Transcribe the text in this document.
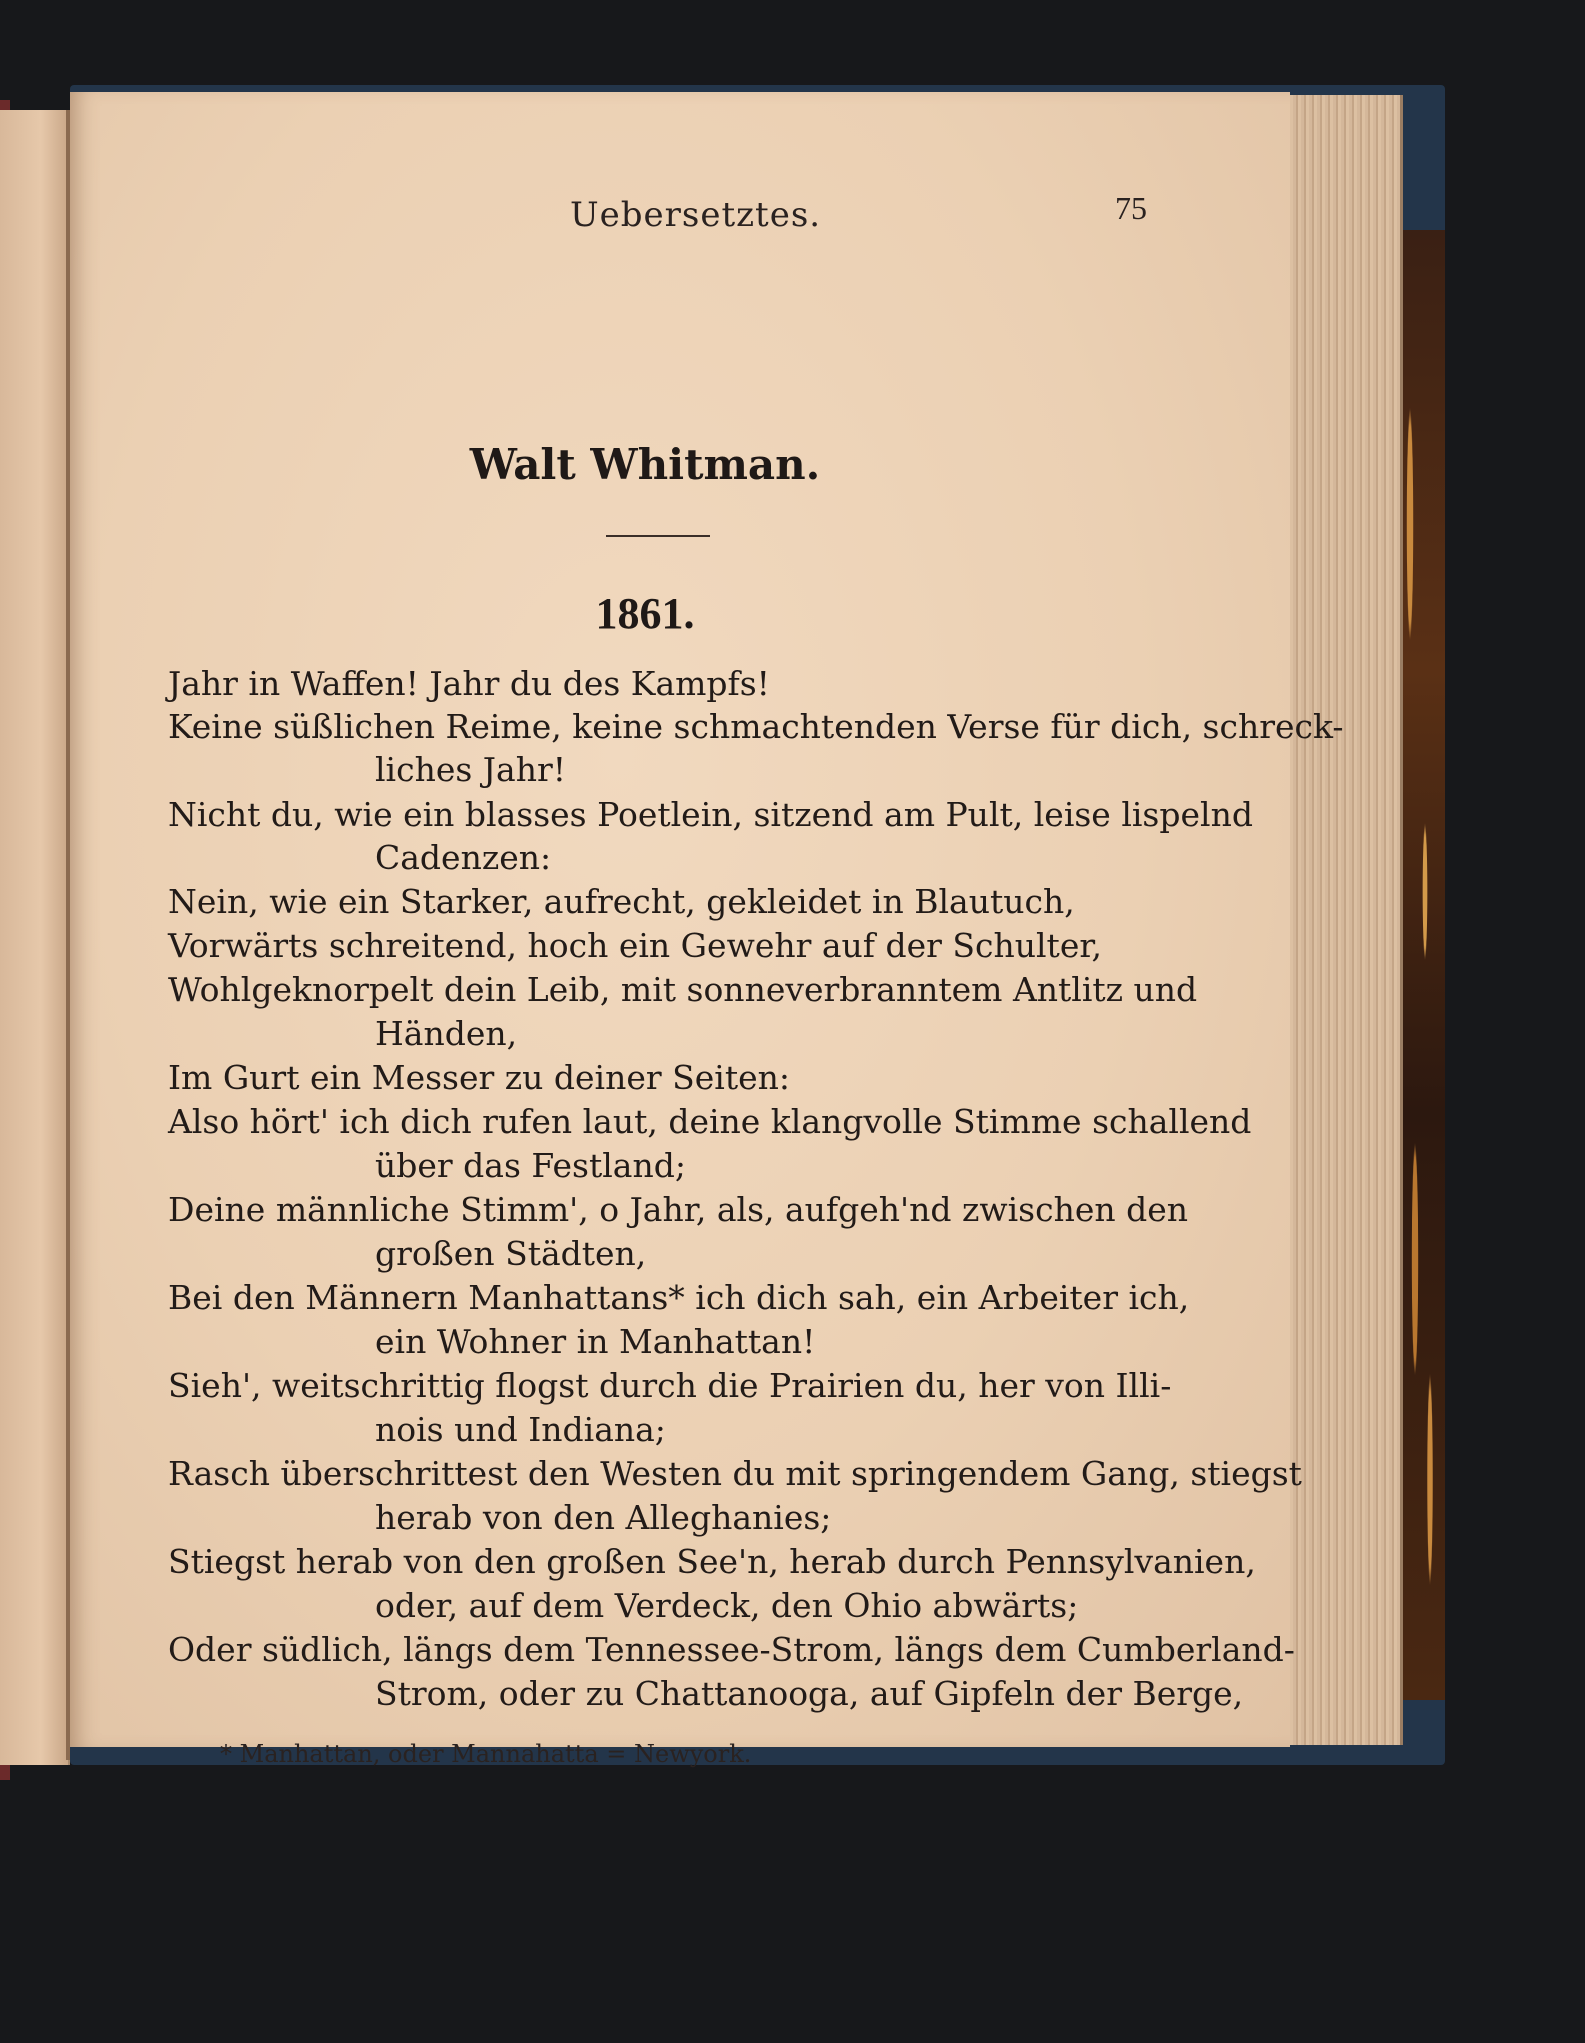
Uebersetztes.	75
Walt Whitman.
1861.
Jahr in Waffen! Jahr du des Kampfs!
Keine süßlichen Reime, keine schmachtenden Verse für dich, schreck-
liches Jahr!
Nicht du, wie ein blasses Poetlein, sitzend am Pult, leise lispelnd
Cadenzen:
Nein, wie ein Starker, aufrecht, gekleidet in Blautuch,
Vorwärts schreitend, hoch ein Gewehr auf der Schulter,
Wohlgeknorpelt dein Leib, mit sonneverbranntem Antlitz und
Händen,
Im Gurt ein Messer zu deiner Seiten:
Also hört' ich dich rufen laut, deine klangvolle Stimme schallend
über das Festland;
Deine männliche Stimm', o Jahr, als, aufgeh'nd zwischen den
großen Städten,
Bei den Männern Manhattans* ich dich sah, ein Arbeiter ich,
ein Wohner in Manhattan!
Sieh', weitschrittig flogst durch die Prairien du, her von Illi-
nois und Indiana;
Rasch überschrittest den Westen du mit springendem Gang, stiegst
herab von den Alleghanies;
Stiegst herab von den großen See'n, herab durch Pennsylvanien,
oder, auf dem Verdeck, den Ohio abwärts;
Oder südlich, längs dem Tennessee-Strom, längs dem Cumberland-
Strom, oder zu Chattanooga, auf Gipfeln der Berge,
* Manhattan, oder Mannahatta = Newyork.
